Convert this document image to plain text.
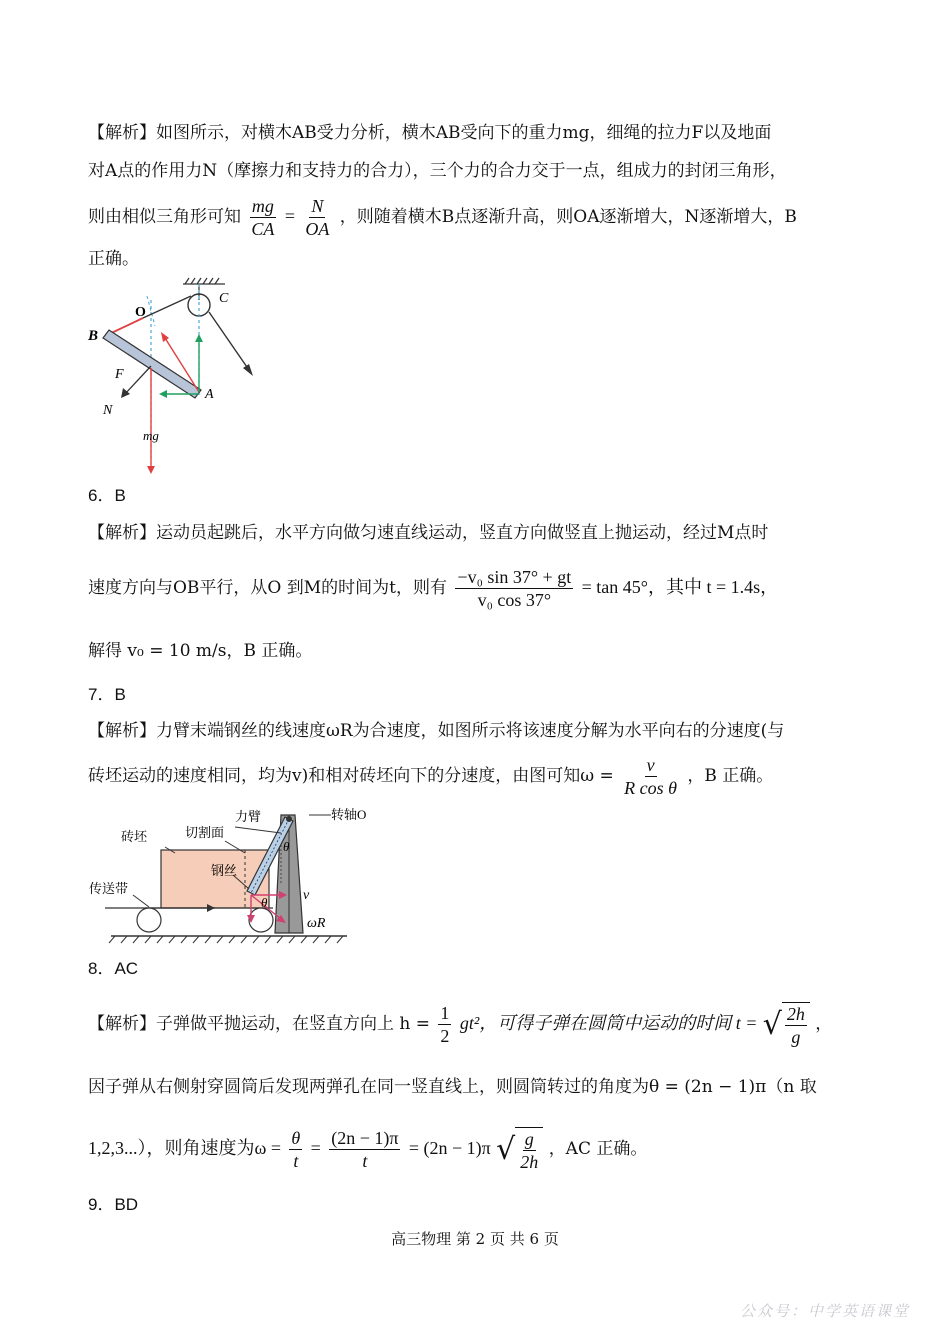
【解析】如图所示，对横木AB受力分析，横木AB受向下的重力mg，细绳的拉力F以及地面
对A点的作用力N（摩擦力和支持力的合力），三个力的合力交于一点，组成力的封闭三角形，
则由相似三角形可知 $\frac{mg}{CA} = \frac{N}{OA}$ ，则随着横木B点逐渐升高，则OA逐渐增大，N逐渐增大，B
正确。
B
O
C
F
N
A
mg
6．B
【解析】运动员起跳后，水平方向做匀速直线运动，竖直方向做竖直上抛运动，经过M点时
速度方向与OB平行，从O 到M的时间为t，则有 $\frac{\text{−v₀ sin 37° + gt}}{\text{v₀ cos 37°}} = \tan 45^\circ$，其中 t = 1.4s，
解得 v₀ = 10 m/s，B 正确。
7．B
【解析】力臂末端钢丝的线速度ωR为合速度，如图所示将该速度分解为水平向右的分速度(与
砖坯运动的速度相同，均为v)和相对砖坯向下的分速度，由图可知$\omega = \frac{v}{\text{R cos θ}}$ ，B 正确。
力臂	转轴O
砖坯	切割面
钢丝
传送带
θ
θ	v
ωR
8．AC
【解析】子弹做平抛运动，在竖直方向上 $h = \frac{1}{2} gt^2$，可得子弹在圆筒中运动的时间 t = √ $\frac{2h}{g}$ ，
因子弹从右侧射穿圆筒后发现两弹孔在同一竖直线上，则圆筒转过的角度为θ = (2n − 1)π（n 取
1,2,3...），则角速度为$\omega = \frac{\theta}{t} = \frac{(2n - 1)\pi}{t} = (2n - 1)\pi$ √ $\frac{g}{2h}$ ，AC 正确。
9．BD
高三物理 第 2 页 共 6 页
公众号：中学英语课堂
